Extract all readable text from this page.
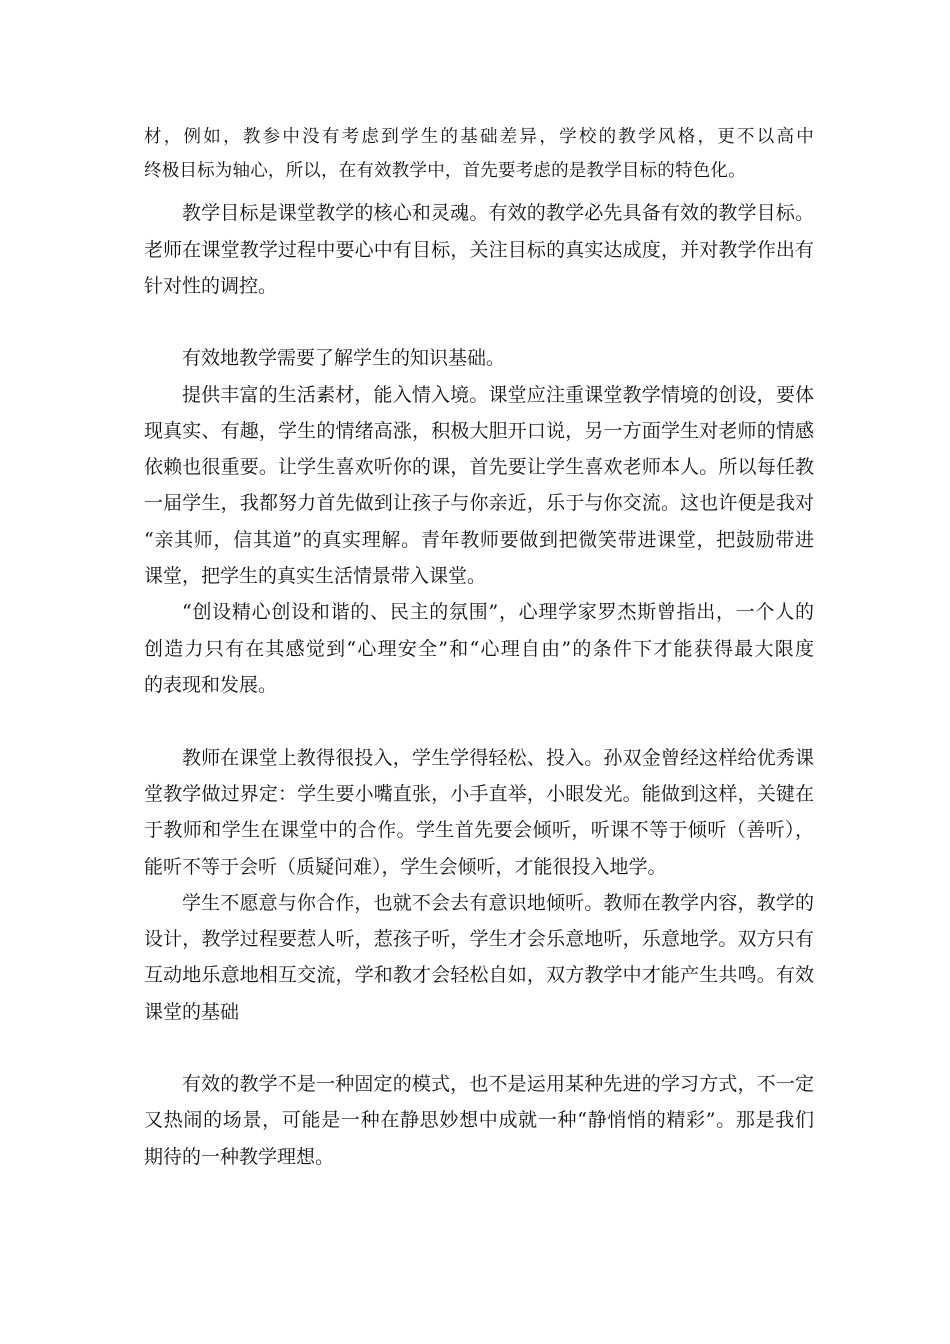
材，例如，教参中没有考虑到学生的基础差异，学校的教学风格，更不以高中

终极目标为轴心，所以，在有效教学中，首先要考虑的是教学目标的特色化。

教学目标是课堂教学的核心和灵魂。有效的教学必先具备有效的教学目标。

老师在课堂教学过程中要心中有目标，关注目标的真实达成度，并对教学作出有

针对性的调控。

有效地教学需要了解学生的知识基础。

提供丰富的生活素材，能入情入境。课堂应注重课堂教学情境的创设，要体

现真实、有趣，学生的情绪高涨，积极大胆开口说，另一方面学生对老师的情感

依赖也很重要。让学生喜欢听你的课，首先要让学生喜欢老师本人。所以每任教

一届学生，我都努力首先做到让孩子与你亲近，乐于与你交流。这也许便是我对

“亲其师，信其道”的真实理解。青年教师要做到把微笑带进课堂，把鼓励带进

课堂，把学生的真实生活情景带入课堂。

“创设精心创设和谐的、民主的氛围”，心理学家罗杰斯曾指出，一个人的

创造力只有在其感觉到“心理安全”和“心理自由”的条件下才能获得最大限度

的表现和发展。

教师在课堂上教得很投入，学生学得轻松、投入。孙双金曾经这样给优秀课

堂教学做过界定：学生要小嘴直张，小手直举，小眼发光。能做到这样，关键在

于教师和学生在课堂中的合作。学生首先要会倾听，听课不等于倾听（善听），

能听不等于会听（质疑问难），学生会倾听，才能很投入地学。

学生不愿意与你合作，也就不会去有意识地倾听。教师在教学内容，教学的

设计，教学过程要惹人听，惹孩子听，学生才会乐意地听，乐意地学。双方只有

互动地乐意地相互交流，学和教才会轻松自如，双方教学中才能产生共鸣。有效

课堂的基础

有效的教学不是一种固定的模式，也不是运用某种先进的学习方式，不一定

又热闹的场景，可能是一种在静思妙想中成就一种“静悄悄的精彩”。那是我们

期待的一种教学理想。
